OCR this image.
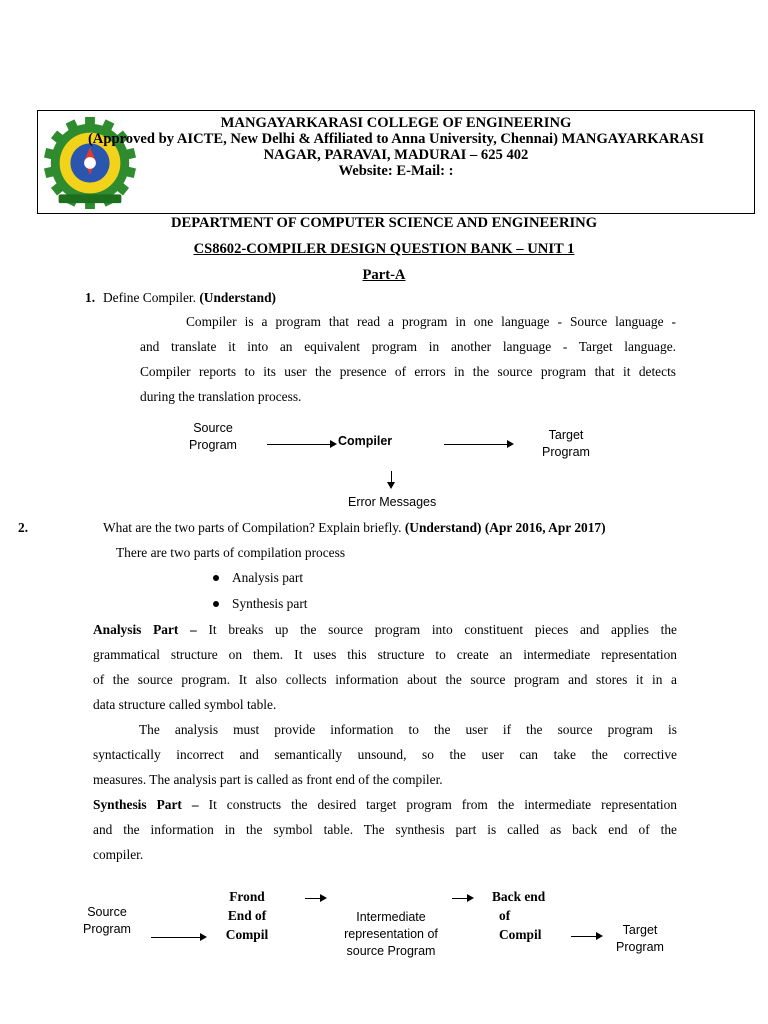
MANGAYARKARASI COLLEGE OF ENGINEERING
(Approved by AICTE, New Delhi & Affiliated to Anna University, Chennai) MANGAYARKARASI
NAGAR, PARAVAI, MADURAI – 625 402
Website: E-Mail: :
DEPARTMENT OF COMPUTER SCIENCE AND ENGINEERING
CS8602-COMPILER DESIGN QUESTION BANK – UNIT 1
Part-A
1. Define Compiler. (Understand)
Compiler is a program that read a program in one language - Source language -
and translate it into an equivalent program in another language - Target language.
Compiler reports to its user the presence of errors in the source program that it detects
during the translation process.
Source
Program	Compiler	Target
Program
Error Messages
2.	What are the two parts of Compilation? Explain briefly. (Understand) (Apr 2016, Apr 2017)
There are two parts of compilation process
Analysis part
Synthesis part
Analysis Part – It breaks up the source program into constituent pieces and applies the
grammatical structure on them. It uses this structure to create an intermediate representation
of the source program. It also collects information about the source program and stores it in a
data structure called symbol table.
The analysis must provide information to the user if the source program is
syntactically incorrect and semantically unsound, so the user can take the corrective
measures. The analysis part is called as front end of the compiler.
Synthesis Part – It constructs the desired target program from the intermediate representation
and the information in the symbol table. The synthesis part is called as back end of the
compiler.
Source
Program
Frond
End of
Compil
Intermediate
representation of
source Program
Back end
of
Compil	Target
Program
